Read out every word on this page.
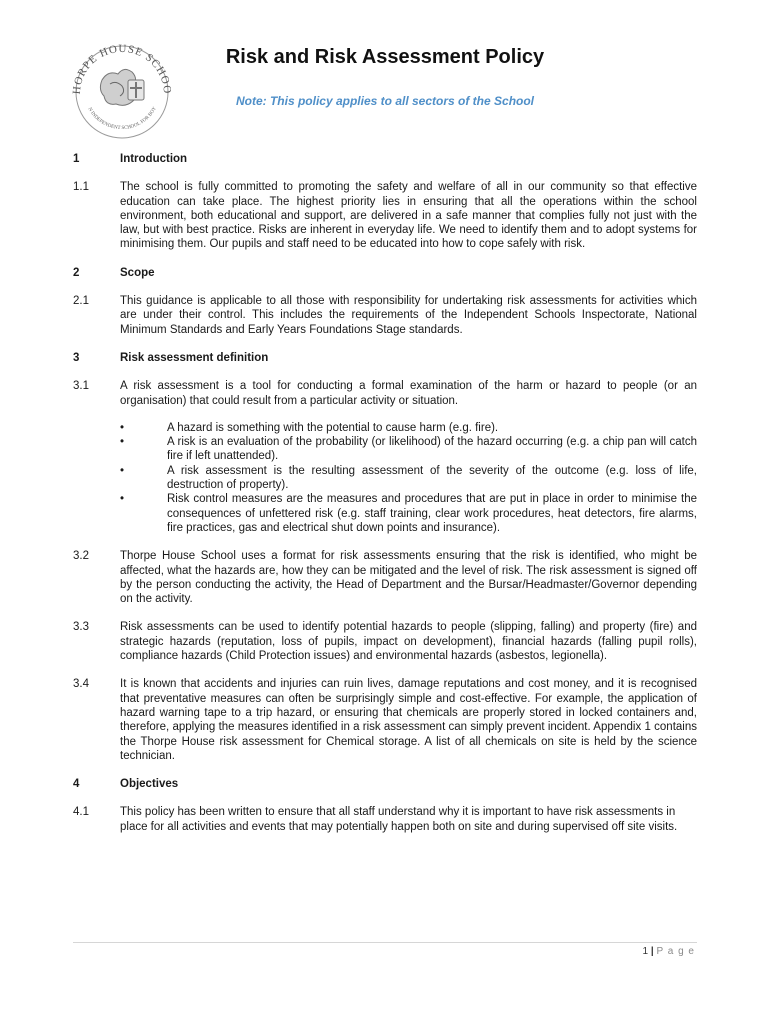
HORPE HOUSE SCHOO
N INDEPENDENT SCHOOL FOR BOY
Risk and Risk Assessment Policy
Note: This policy applies to all sectors of the School
1	Introduction
1.1	The school is fully committed to promoting the safety and welfare of all in our community so that effective education can take place. The highest priority lies in ensuring that all the operations within the school environment, both educational and support, are delivered in a safe manner that complies fully not just with the law, but with best practice. Risks are inherent in everyday life. We need to identify them and to adopt systems for minimising them. Our pupils and staff need to be educated into how to cope safely with risk.
2	Scope
2.1	This guidance is applicable to all those with responsibility for undertaking risk assessments for activities which are under their control. This includes the requirements of the Independent Schools Inspectorate, National Minimum Standards and Early Years Foundations Stage standards.
3	Risk assessment definition
3.1	A risk assessment is a tool for conducting a formal examination of the harm or hazard to people (or an organisation) that could result from a particular activity or situation.
•	A hazard is something with the potential to cause harm (e.g. fire).
•	A risk is an evaluation of the probability (or likelihood) of the hazard occurring (e.g. a chip pan will catch fire if left unattended).
•	A risk assessment is the resulting assessment of the severity of the outcome (e.g. loss of life, destruction of property).
•	Risk control measures are the measures and procedures that are put in place in order to minimise the consequences of unfettered risk (e.g. staff training, clear work procedures, heat detectors, fire alarms, fire practices, gas and electrical shut down points and insurance).
3.2	Thorpe House School uses a format for risk assessments ensuring that the risk is identified, who might be affected, what the hazards are, how they can be mitigated and the level of risk. The risk assessment is signed off by the person conducting the activity, the Head of Department and the Bursar/Headmaster/Governor depending on the activity.
3.3	Risk assessments can be used to identify potential hazards to people (slipping, falling) and property (fire) and strategic hazards (reputation, loss of pupils, impact on development), financial hazards (falling pupil rolls), compliance hazards (Child Protection issues) and environmental hazards (asbestos, legionella).
3.4	It is known that accidents and injuries can ruin lives, damage reputations and cost money, and it is recognised that preventative measures can often be surprisingly simple and cost-effective. For example, the application of hazard warning tape to a trip hazard, or ensuring that chemicals are properly stored in locked containers and, therefore, applying the measures identified in a risk assessment can simply prevent incident. Appendix 1 contains the Thorpe House risk assessment for Chemical storage. A list of all chemicals on site is held by the science technician.
4	Objectives
4.1	This policy has been written to ensure that all staff understand why it is important to have risk assessments in place for all activities and events that may potentially happen both on site and during supervised off site visits.
1 | P a g e
